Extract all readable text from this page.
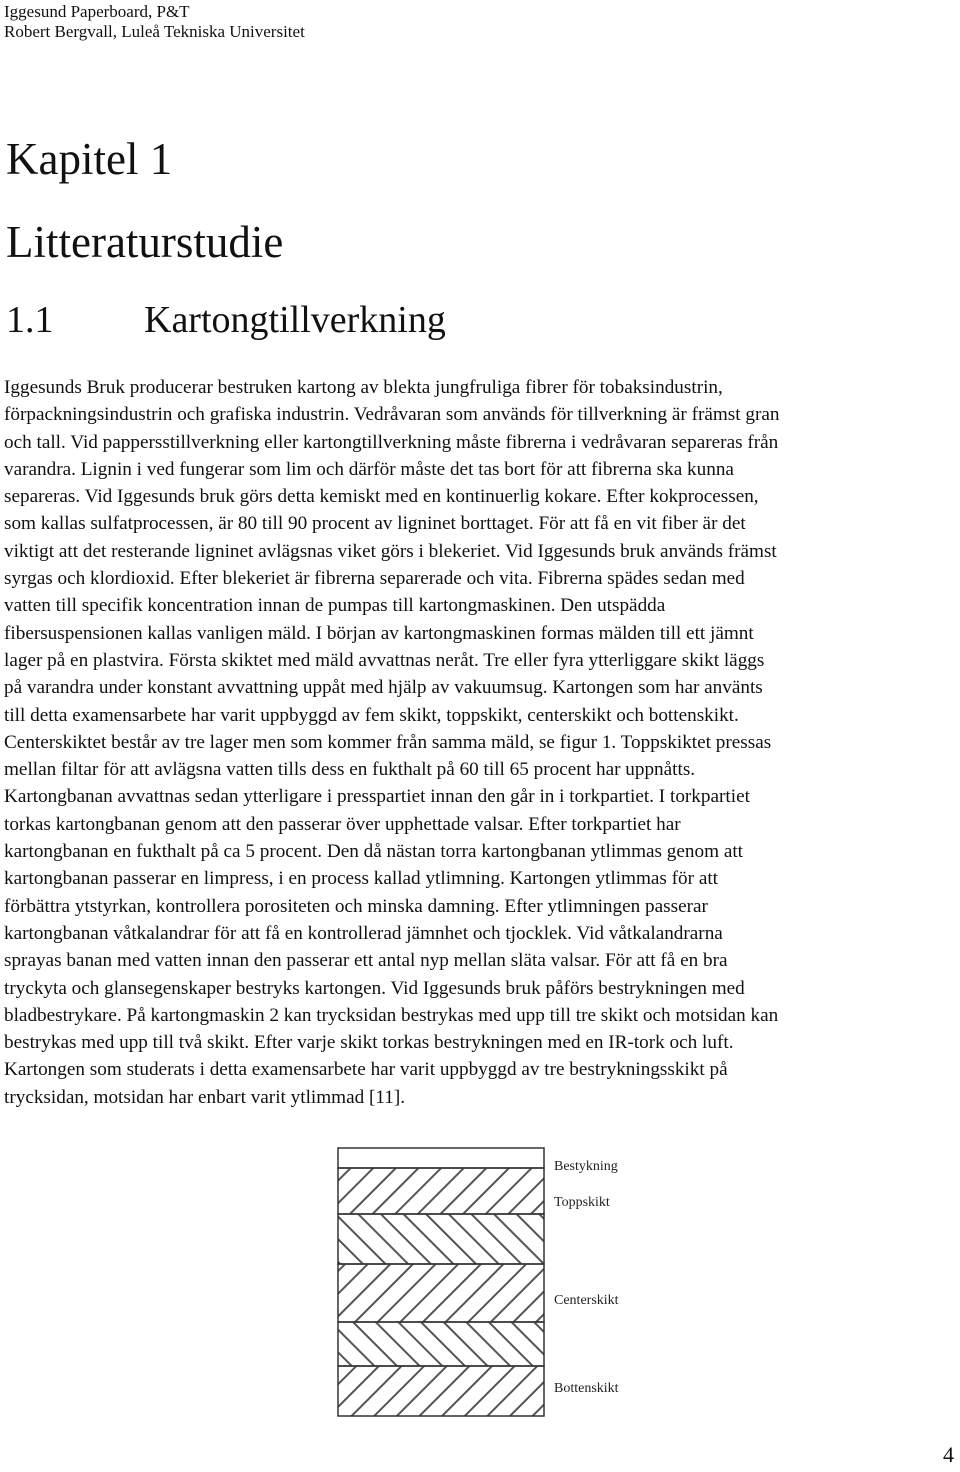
Iggesund Paperboard, P&T

Robert Bergvall, Luleå Tekniska Universitet

Kapitel 1
Litteraturstudie
1.1 Kartongtillverkning

Iggesunds Bruk producerar bestruken kartong av blekta jungfruliga fibrer för tobaksindustrin,
förpackningsindustrin och grafiska industrin. Vedråvaran som används för tillverkning är främst gran
och tall. Vid pappersstillverkning eller kartongtillverkning måste fibrerna i vedråvaran separeras från
varandra. Lignin i ved fungerar som lim och därför måste det tas bort för att fibrerna ska kunna
separeras. Vid Iggesunds bruk görs detta kemiskt med en kontinuerlig kokare. Efter kokprocessen,
som kallas sulfatprocessen, är 80 till 90 procent av ligninet borttaget. För att få en vit fiber är det
viktigt att det resterande ligninet avlägsnas viket görs i blekeriet. Vid Iggesunds bruk används främst
syrgas och klordioxid. Efter blekeriet är fibrerna separerade och vita. Fibrerna spädes sedan med
vatten till specifik koncentration innan de pumpas till kartongmaskinen. Den utspädda
fibersuspensionen kallas vanligen mäld. I början av kartongmaskinen formas mälden till ett jämnt
lager på en plastvira. Första skiktet med mäld avvattnas neråt. Tre eller fyra ytterliggare skikt läggs
på varandra under konstant avvattning uppåt med hjälp av vakuumsug. Kartongen som har använts
till detta examensarbete har varit uppbyggd av fem skikt, toppskikt, centerskikt och bottenskikt.
Centerskiktet består av tre lager men som kommer från samma mäld, se figur 1. Toppskiktet pressas
mellan filtar för att avlägsna vatten tills dess en fukthalt på 60 till 65 procent har uppnåtts.
Kartongbanan avvattnas sedan ytterligare i presspartiet innan den går in i torkpartiet. I torkpartiet
torkas kartongbanan genom att den passerar över upphettade valsar. Efter torkpartiet har
kartongbanan en fukthalt på ca 5 procent. Den då nästan torra kartongbanan ytlimmas genom att
kartongbanan passerar en limpress, i en process kallad ytlimning. Kartongen ytlimmas för att
förbättra ytstyrkan, kontrollera porositeten och minska damning. Efter ytlimningen passerar
kartongbanan våtkalandrar för att få en kontrollerad jämnhet och tjocklek. Vid våtkalandrarna
sprayas banan med vatten innan den passerar ett antal nyp mellan släta valsar. För att få en bra
tryckyta och glansegenskaper bestryks kartongen. Vid Iggesunds bruk påförs bestrykningen med
bladbestrykare. På kartongmaskin 2 kan trycksidan bestrykas med upp till tre skikt och motsidan kan
bestrykas med upp till två skikt. Efter varje skikt torkas bestrykningen med en IR-tork och luft.
Kartongen som studerats i detta examensarbete har varit uppbyggd av tre bestrykningsskikt på
trycksidan, motsidan har enbart varit ytlimmad [11].

Bestykning
Toppskikt
Centerskikt
Bottenskikt
4
